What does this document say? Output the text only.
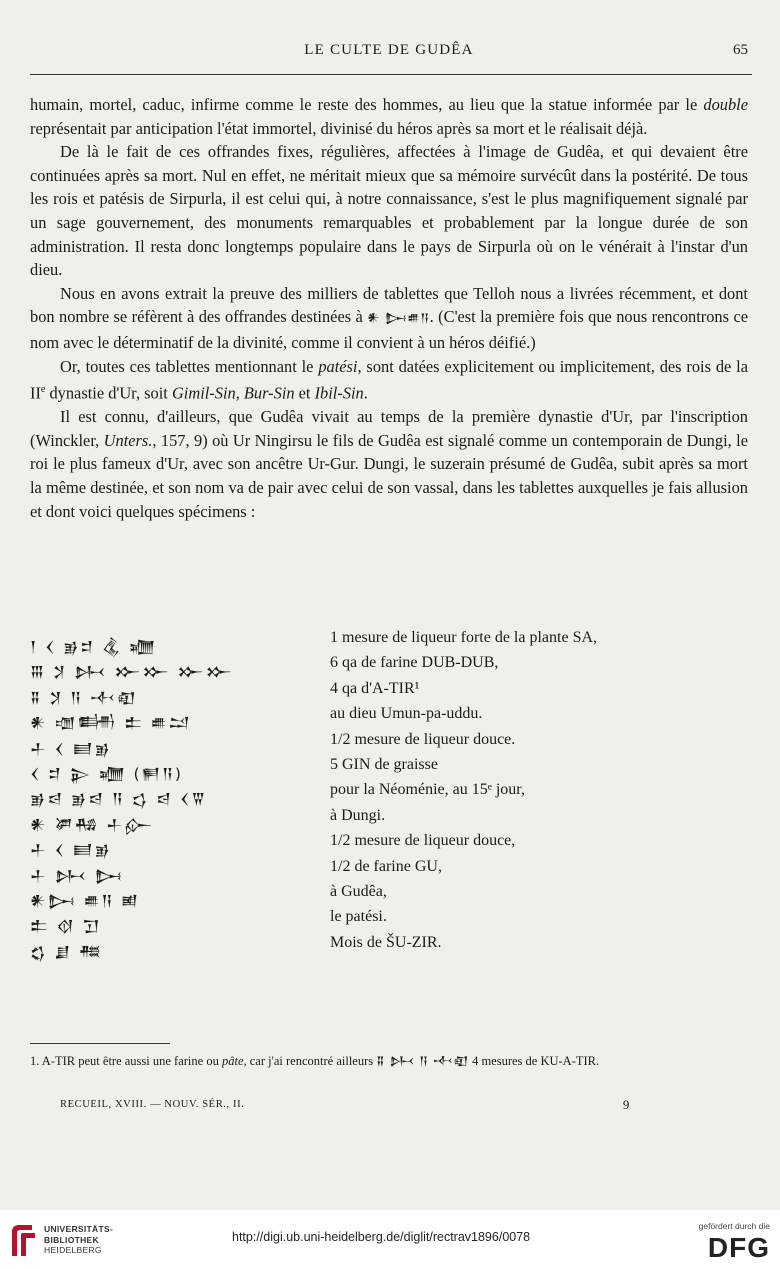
LE CULTE DE GUDÊA	65

humain, mortel, caduc, infirme comme le reste des hommes, au lieu que la statue informée par le double représentait par anticipation l'état immortel, divinisé du héros après sa mort et le réalisait déjà.

De là le fait de ces offrandes fixes, régulières, affectées à l'image de Gudêa, et qui devaient être continuées après sa mort. Nul en effet, ne méritait mieux que sa mémoire survécût dans la postérité. De tous les rois et patésis de Sirpurla, il est celui qui, à notre connaissance, s'est le plus magnifiquement signalé par un sage gouvernement, des monuments remarquables et probablement par la longue durée de son administration. Il resta donc longtemps populaire dans le pays de Sirpurla où on le vénérait à l'instar d'un dieu.

Nous en avons extrait la preuve des milliers de tablettes que Telloh nous a livrées récemment, et dont bon nombre se réfèrent à des offrandes destinées à 𒀭 𒄖𒌑𒀀. (C'est la première fois que nous rencontrons ce nom avec le déterminatif de la divinité, comme il convient à un héros déifié.)

Or, toutes ces tablettes mentionnant le patési, sont datées explicitement ou implicitement, des rois de la IIe dynastie d'Ur, soit Gimil-Sin, Bur-Sin et Ibil-Sin.

Il est connu, d'ailleurs, que Gudêa vivait au temps de la première dynastie d'Ur, par l'inscription (Winckler, Unters., 157, 9) où Ur Ningirsu le fils de Gudêa est signalé comme un contemporain de Dungi, le roi le plus fameux d'Ur, avec son ancêtre Ur-Gur. Dungi, le suzerain présumé de Gudêa, subit après sa mort la même destinée, et son nom va de pair avec celui de son vassal, dans les tablettes auxquelles je fais allusion et dont voici quelques spécimens :

𒁹 𒌋 𒂊𒄑 𒆬 𒁾
1 mesure de liqueur forte de la plante SA,
𒐋 𒋡 𒉄 𒁍𒁍 𒁍𒁍
6 qa de farine DUB-DUB,
𒐉 𒋡 𒀀 𒋾𒊏
4 qa d'A-TIR¹
𒀭 𒌝𒌦 𒉺 𒌑𒁺
au dieu Umun-pa-uddu.
𒈦 𒌋 𒆦𒂊
1/2 mesure de liqueur douce.
𒌋 𒄑 𒉌 𒁾 (𒂍𒀀)
5 GIN de graisse
𒂊𒁀 𒂊𒁀 𒀀 𒌓 𒁀 𒌋𒐊
pour la Néoménie, au 15ᵉ jour,
𒀭 𒂄𒄀 𒈦𒅎
à Dungi.
𒈦 𒌋 𒆦𒂊
1/2 mesure de liqueur douce,
𒈦 𒉄 𒄖
1/2 de farine GU,
𒀭𒄖 𒌑𒀀 𒅖
à Gudêa,
𒉺 𒋼 𒋛
le patési.
𒌚 𒋗 𒍣
Mois de ŠU-ZIR.
1. A-TIR peut être aussi une farine ou pâte, car j'ai rencontré ailleurs 𒐉 𒉄 𒀀 𒋾𒊏 4 mesures de KU-A-TIR.
RECUEIL, XVIII. — NOUV. SÉR., II.	9
UNIVERSITÄTS-
BIBLIOTHEK
HEIDELBERG
http://digi.ub.uni-heidelberg.de/diglit/rectrav1896/0078
gefördert durch die
DFG
